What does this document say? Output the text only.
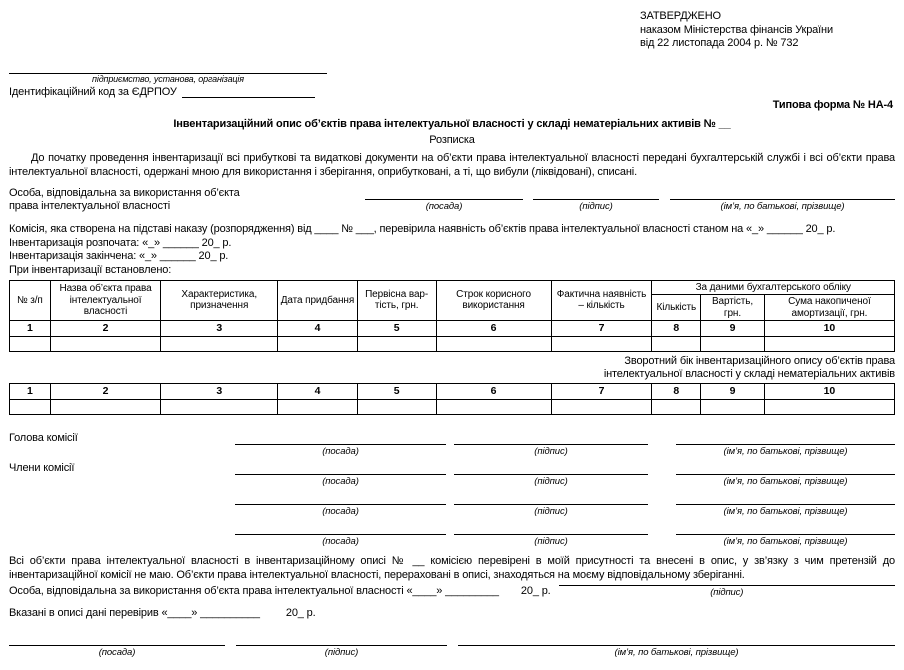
ЗАТВЕРДЖЕНО
наказом Міністерства фінансів України
від 22 листопада 2004 р. № 732
підприємство, установа, організація
Ідентифікаційний код за ЄДРПОУ
Типова форма № НА-4
Інвентаризаційний опис об’єктів права інтелектуальної власності у складі нематеріальних активів № __
Розписка
До початку проведення інвентаризації всі прибуткові та видаткові документи на об’єкти права інтелектуальної власності передані бухгалтерській службі і всі об’єкти права інтелектуальної власності, одержані мною для використання і зберігання, оприбутковані, а ті, що вибули (ліквідовані), списані.
Особа, відповідальна за використання об’єкта
права інтелектуальної власності	(посада)	(підпис)	(ім’я, по батькові, прізвище)
Комісія, яка створена на підставі наказу (розпорядження) від ____ № ___, перевірила наявність об’єктів права інтелектуальної власності станом на «_» ______ 20_ р.
Інвентаризація розпочата: «_» ______ 20_ р.
Інвентаризація закінчена: «_» ______ 20_ р.
При інвентаризації встановлено:
№ з/п	Назва об’єкта права інтелектуальної власності	Характеристика, призначення	Дата придбання	Первісна вартість, грн.	Строк корисного використання	Фактична наявність – кількість	За даними бухгалтерського обліку		
							Кількість	Вартість, грн.	Сума накопиченої амортизації, грн.
1	2	3	4	5	6	7	8	9	10

Зворотний бік інвентаризаційного опису об’єктів права
інтелектуальної власності у складі нематеріальних активів
1	2	3	4	5	6	7	8	9	10

Голова комісії
(посада)	(підпис)	(ім’я, по батькові, прізвище)
Члени комісії
(посада)	(підпис)	(ім’я, по батькові, прізвище)
(посада)	(підпис)	(ім’я, по батькові, прізвище)
(посада)	(підпис)	(ім’я, по батькові, прізвище)
Всі об’єкти права інтелектуальної власності в інвентаризаційному описі № __ комісією перевірені в моїй присутності та внесені в опис, у зв’язку з чим претензій до інвентаризаційної комісії не маю. Об’єкти права інтелектуальної власності, перераховані в описі, знаходяться на моєму відповідальному зберіганні.
Особа, відповідальна за використання об’єкта права інтелектуальної власності «____» _________ 20_ р.	(підпис)
Вказані в описі дані перевірив «____» __________ 20_ р.
(посада)	(підпис)	(ім’я, по батькові, прізвище)
